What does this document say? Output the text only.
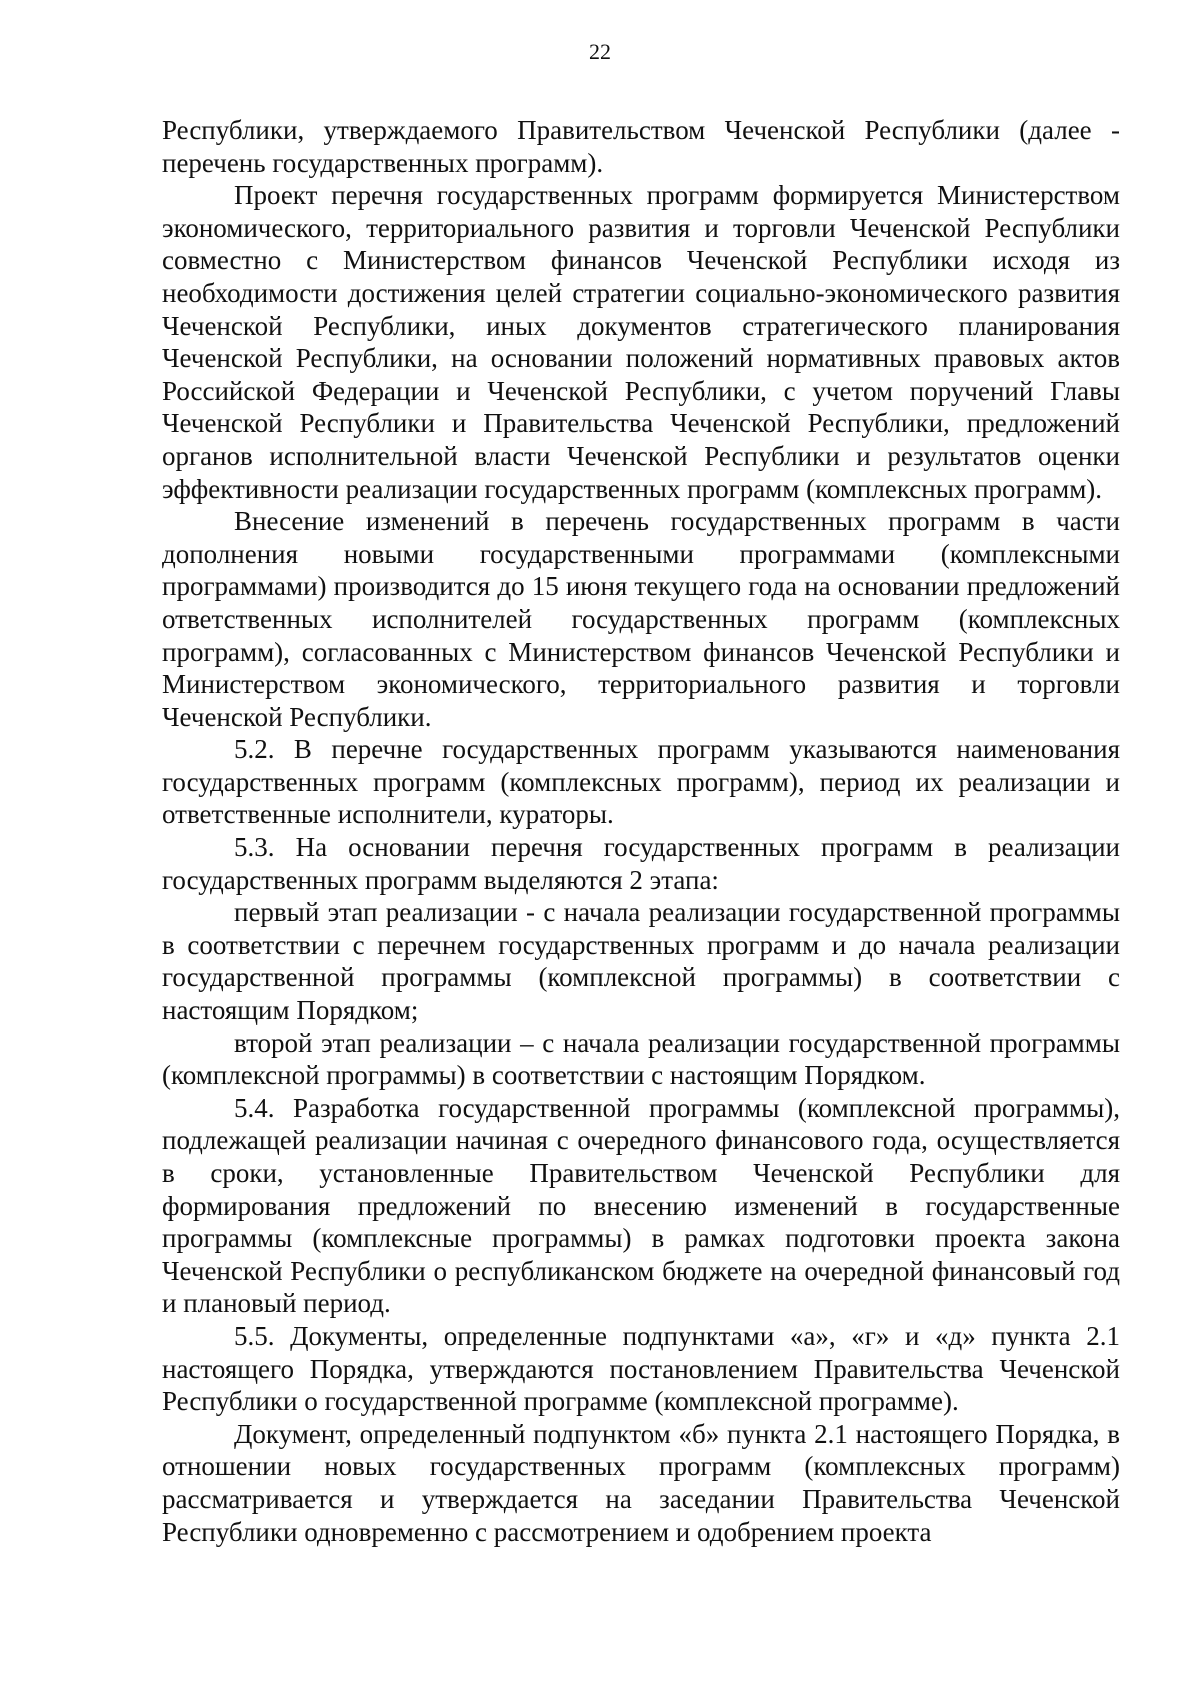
22

Республики, утверждаемого Правительством Чеченской Республики (далее - перечень государственных программ).

Проект перечня государственных программ формируется Министерством экономического, территориального развития и торговли Чеченской Республики совместно с Министерством финансов Чеченской Республики исходя из необходимости достижения целей стратегии социально-экономического развития Чеченской Республики, иных документов стратегического планирования Чеченской Республики, на основании положений нормативных правовых актов Российской Федерации и Чеченской Республики, с учетом поручений Главы Чеченской Республики и Правительства Чеченской Республики, предложений органов исполнительной власти Чеченской Республики и результатов оценки эффективности реализации государственных программ (комплексных программ).

Внесение изменений в перечень государственных программ в части дополнения новыми государственными программами (комплексными программами) производится до 15 июня текущего года на основании предложений ответственных исполнителей государственных программ (комплексных программ), согласованных с Министерством финансов Чеченской Республики и Министерством экономического, территориального развития и торговли Чеченской Республики.

5.2. В перечне государственных программ указываются наименования государственных программ (комплексных программ), период их реализации и ответственные исполнители, кураторы.

5.3. На основании перечня государственных программ в реализации государственных программ выделяются 2 этапа:

первый этап реализации - с начала реализации государственной программы в соответствии с перечнем государственных программ и до начала реализации государственной программы (комплексной программы) в соответствии с настоящим Порядком;

второй этап реализации – с начала реализации государственной программы (комплексной программы) в соответствии с настоящим Порядком.

5.4. Разработка государственной программы (комплексной программы), подлежащей реализации начиная с очередного финансового года, осуществляется в сроки, установленные Правительством Чеченской Республики для формирования предложений по внесению изменений в государственные программы (комплексные программы) в рамках подготовки проекта закона Чеченской Республики о республиканском бюджете на очередной финансовый год и плановый период.

5.5. Документы, определенные подпунктами «а», «г» и «д» пункта 2.1 настоящего Порядка, утверждаются постановлением Правительства Чеченской Республики о государственной программе (комплексной программе).

Документ, определенный подпунктом «б» пункта 2.1 настоящего Порядка, в отношении новых государственных программ (комплексных программ) рассматривается и утверждается на заседании Правительства Чеченской Республики одновременно с рассмотрением и одобрением проекта
